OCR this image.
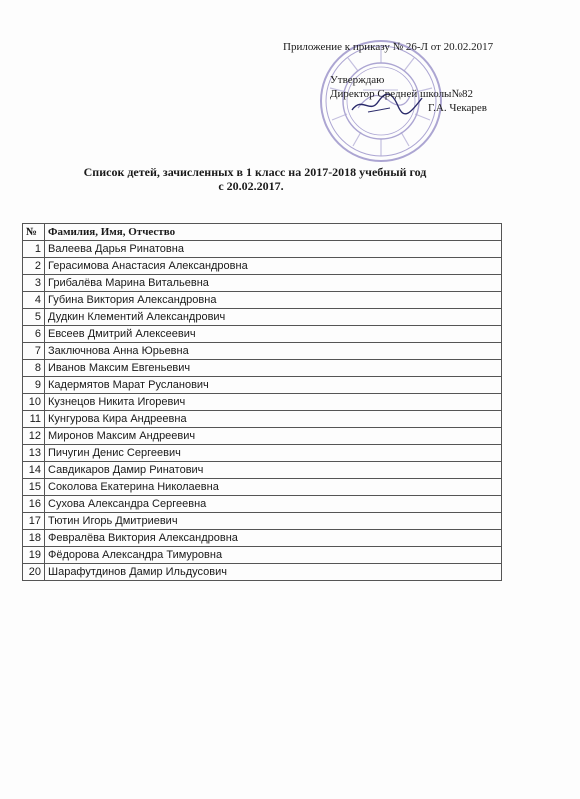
Приложение к приказу № 26-Л от 20.02.2017
Утверждаю
Директор Средней школы№82
Г.А. Чекарев
Список детей, зачисленных в 1 класс на 2017-2018 учебный год
с 20.02.2017.
№	Фамилия, Имя, Отчество
1	Валеева Дарья Ринатовна
2	Герасимова Анастасия Александровна
3	Грибалёва Марина Витальевна
4	Губина Виктория Александровна
5	Дудкин Клементий Александрович
6	Евсеев Дмитрий Алексеевич
7	Заключнова Анна Юрьевна
8	Иванов Максим Евгеньевич
9	Кадермятов Марат Русланович
10	Кузнецов Никита Игоревич
11	Кунгурова Кира Андреевна
12	Миронов Максим Андреевич
13	Пичугин Денис Сергеевич
14	Савдикаров Дамир Ринатович
15	Соколова Екатерина Николаевна
16	Сухова Александра Сергеевна
17	Тютин Игорь Дмитриевич
18	Февралёва Виктория Александровна
19	Фёдорова Александра Тимуровна
20	Шарафутдинов Дамир Ильдусович
